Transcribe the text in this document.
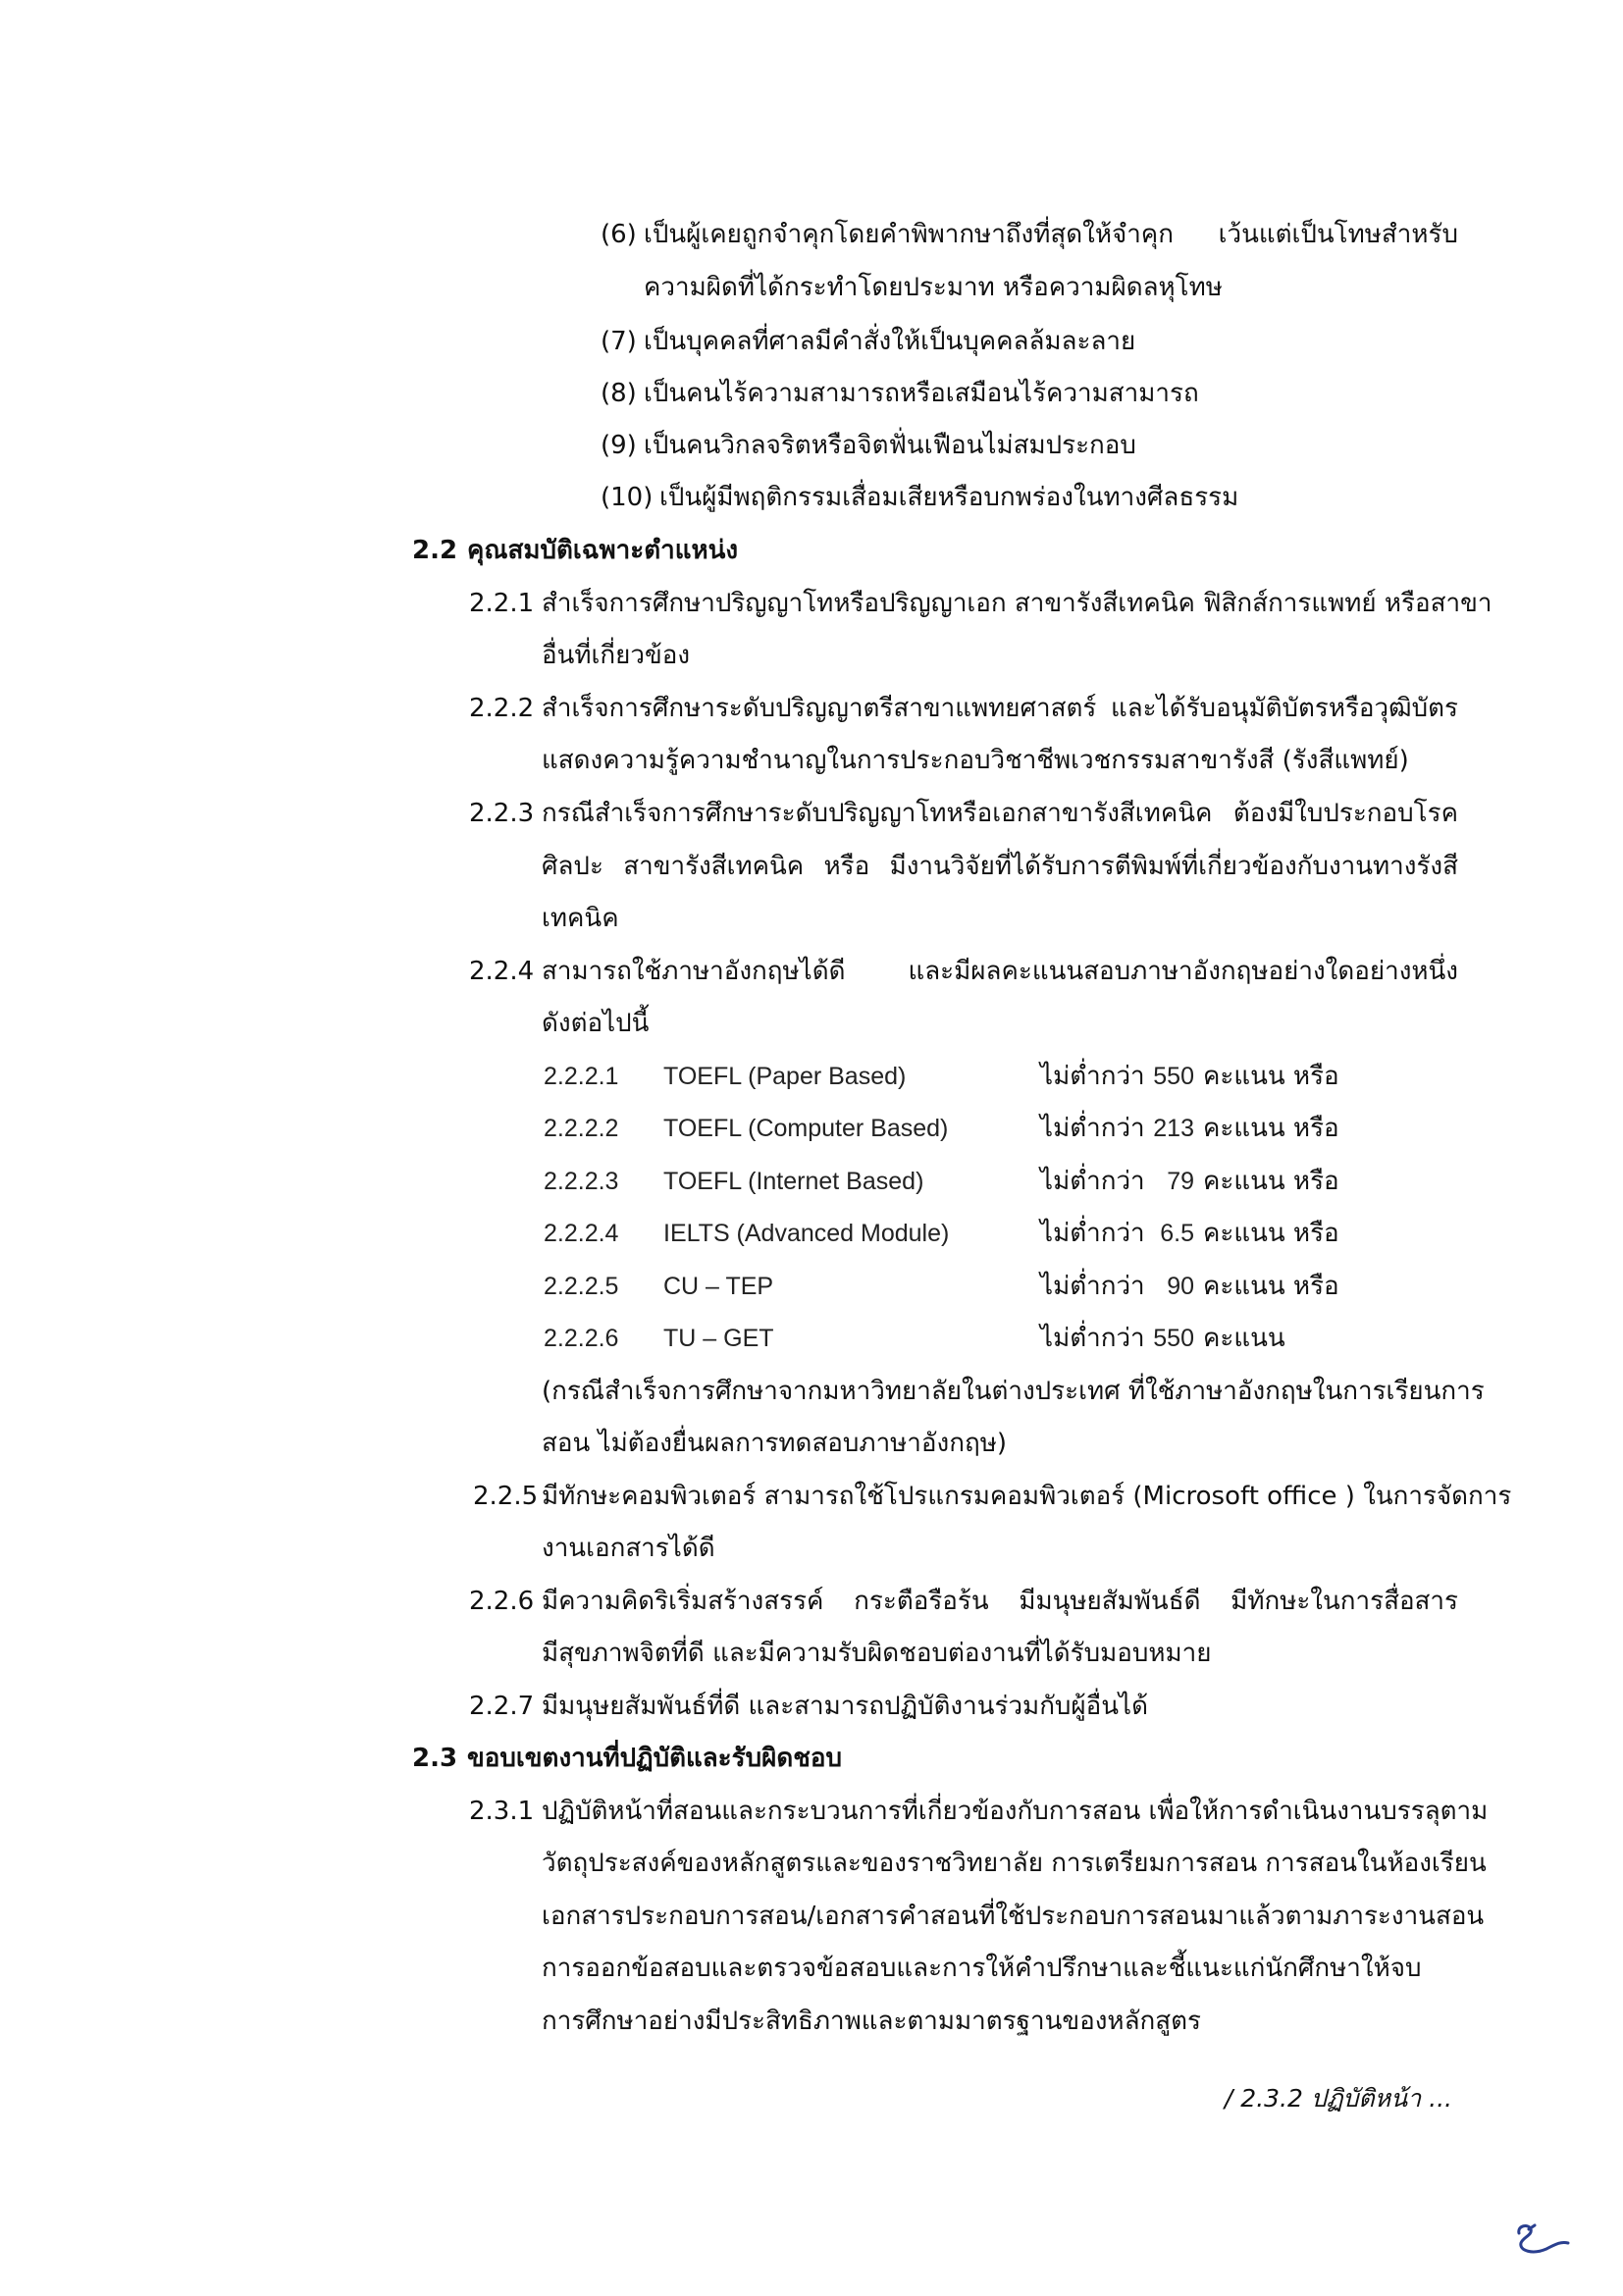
(6) เป็นผู้เคยถูกจำคุกโดยคำพิพากษาถึงที่สุดให้จำคุก เว้นแต่เป็นโทษสำหรับ
ความผิดที่ได้กระทำโดยประมาท หรือความผิดลหุโทษ
(7) เป็นบุคคลที่ศาลมีคำสั่งให้เป็นบุคคลล้มละลาย
(8) เป็นคนไร้ความสามารถหรือเสมือนไร้ความสามารถ
(9) เป็นคนวิกลจริตหรือจิตฟั่นเฟือนไม่สมประกอบ
(10) เป็นผู้มีพฤติกรรมเสื่อมเสียหรือบกพร่องในทางศีลธรรม
2.2 คุณสมบัติเฉพาะตำแหน่ง
2.2.1 สำเร็จการศึกษาปริญญาโทหรือปริญญาเอก สาขารังสีเทคนิค ฟิสิกส์การแพทย์ หรือสาขา
อื่นที่เกี่ยวข้อง
2.2.2 สำเร็จการศึกษาระดับปริญญาตรีสาขาแพทยศาสตร์ และได้รับอนุมัติบัตรหรือวุฒิบัตร
แสดงความรู้ความชำนาญในการประกอบวิชาชีพเวชกรรมสาขารังสี (รังสีแพทย์)
2.2.3 กรณีสำเร็จการศึกษาระดับปริญญาโทหรือเอกสาขารังสีเทคนิค ต้องมีใบประกอบโรค
ศิลปะ สาขารังสีเทคนิค หรือ มีงานวิจัยที่ได้รับการตีพิมพ์ที่เกี่ยวข้องกับงานทางรังสี
เทคนิค
2.2.4 สามารถใช้ภาษาอังกฤษได้ดี และมีผลคะแนนสอบภาษาอังกฤษอย่างใดอย่างหนึ่ง
ดังต่อไปนี้
2.2.2.1 TOEFL (Paper Based)	ไม่ต่ำกว่า 550 คะแนน หรือ
2.2.2.2 TOEFL (Computer Based)	ไม่ต่ำกว่า 213 คะแนน หรือ
2.2.2.3 TOEFL (Internet Based)	ไม่ต่ำกว่า 79 คะแนน หรือ
2.2.2.4 IELTS (Advanced Module)	ไม่ต่ำกว่า 6.5 คะแนน หรือ
2.2.2.5 CU – TEP	ไม่ต่ำกว่า 90 คะแนน หรือ
2.2.2.6 TU – GET	ไม่ต่ำกว่า 550 คะแนน
(กรณีสำเร็จการศึกษาจากมหาวิทยาลัยในต่างประเทศ ที่ใช้ภาษาอังกฤษในการเรียนการ
สอน ไม่ต้องยื่นผลการทดสอบภาษาอังกฤษ)
2.2.5 มีทักษะคอมพิวเตอร์ สามารถใช้โปรแกรมคอมพิวเตอร์ (Microsoft office ) ในการจัดการ
งานเอกสารได้ดี
2.2.6 มีความคิดริเริ่มสร้างสรรค์ กระตือรือร้น มีมนุษยสัมพันธ์ดี มีทักษะในการสื่อสาร
มีสุขภาพจิตที่ดี และมีความรับผิดชอบต่องานที่ได้รับมอบหมาย
2.2.7 มีมนุษยสัมพันธ์ที่ดี และสามารถปฏิบัติงานร่วมกับผู้อื่นได้
2.3 ขอบเขตงานที่ปฏิบัติและรับผิดชอบ
2.3.1 ปฏิบัติหน้าที่สอนและกระบวนการที่เกี่ยวข้องกับการสอน เพื่อให้การดำเนินงานบรรลุตาม
วัตถุประสงค์ของหลักสูตรและของราชวิทยาลัย การเตรียมการสอน การสอนในห้องเรียน
เอกสารประกอบการสอน/เอกสารคำสอนที่ใช้ประกอบการสอนมาแล้วตามภาระงานสอน
การออกข้อสอบและตรวจข้อสอบและการให้คำปรึกษาและชี้แนะแก่นักศึกษาให้จบ
การศึกษาอย่างมีประสิทธิภาพและตามมาตรฐานของหลักสูตร
/ 2.3.2 ปฏิบัติหน้า ...
